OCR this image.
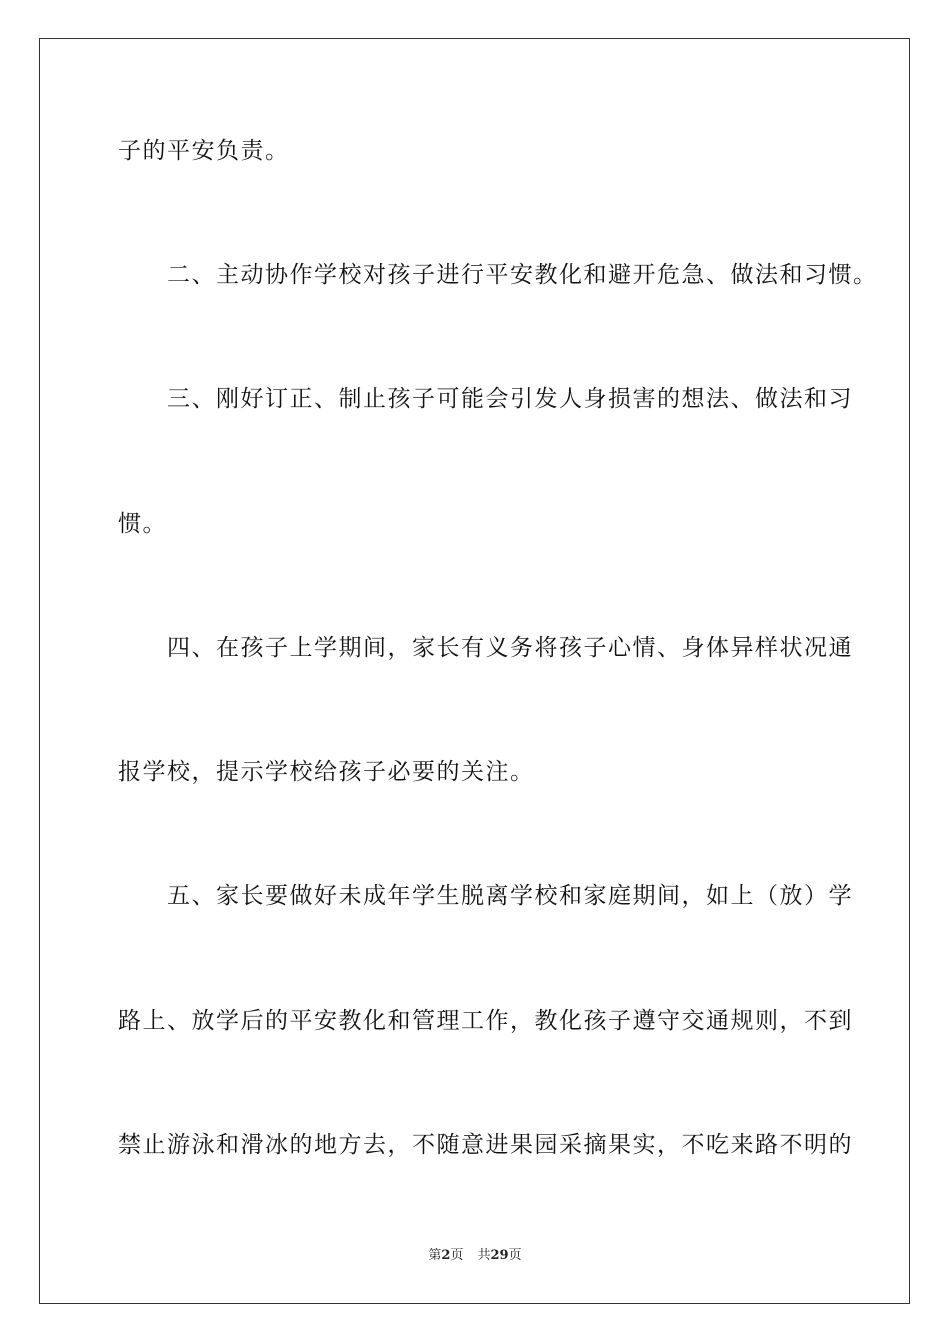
子的平安负责。
　　二、主动协作学校对孩子进行平安教化和避开危急、做法和习惯。
　　三、刚好订正、制止孩子可能会引发人身损害的想法、做法和习
惯。
　　四、在孩子上学期间，家长有义务将孩子心情、身体异样状况通
报学校，提示学校给孩子必要的关注。
　　五、家长要做好未成年学生脱离学校和家庭期间，如上（放）学
路上、放学后的平安教化和管理工作，教化孩子遵守交通规则，不到
禁止游泳和滑冰的地方去，不随意进果园采摘果实，不吃来路不明的
第2页 共29页
